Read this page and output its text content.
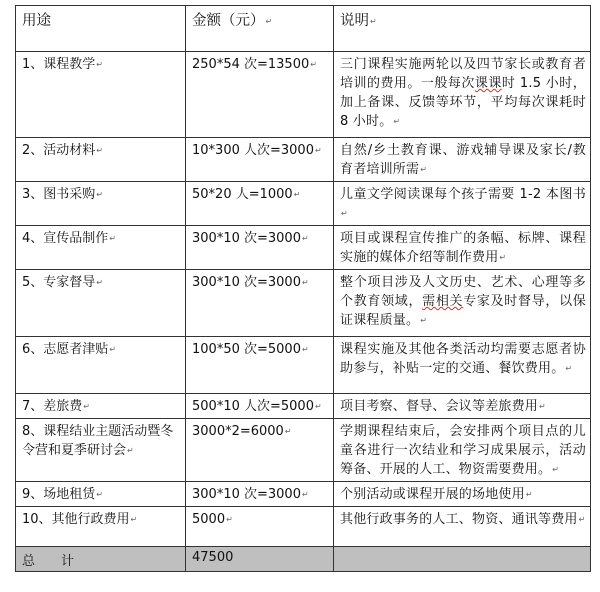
用途	金额（元）↵	说明↵
1、课程教学↵	250*54 次=13500↵	三门课程实施两轮以及四节家长或教育者培训的费用。一般每次课课时 1.5 小时，加上备课、反馈等环节，平均每次课耗时 8 小时。↵
2、活动材料↵	10*300 人次=3000↵	自然/乡土教育课、游戏辅导课及家长/教育者培训所需↵
3、图书采购↵	50*20 人=1000↵	儿童文学阅读课每个孩子需要 1-2 本图书↵
4、宣传品制作↵	300*10 次=3000↵	项目或课程宣传推广的条幅、标牌、课程实施的媒体介绍等制作费用↵
5、专家督导↵	300*10 次=3000↵	整个项目涉及人文历史、艺术、心理等多个教育领域，需相关专家及时督导，以保证课程质量。↵
6、志愿者津贴↵	100*50 次=5000↵	课程实施及其他各类活动均需要志愿者协助参与，补贴一定的交通、餐饮费用。↵
7、差旅费↵	500*10 人次=5000↵	项目考察、督导、会议等差旅费用↵
8、课程结业主题活动暨冬令营和夏季研讨会↵	3000*2=6000↵	学期课程结束后，会安排两个项目点的儿童各进行一次结业和学习成果展示，活动筹备、开展的人工、物资需要费用。↵
9、场地租赁↵	300*10 次=3000↵	个别活动或课程开展的场地使用↵
10、其他行政费用↵	5000↵	其他行政事务的人工、物资、通讯等费用↵
总　　计	47500	
